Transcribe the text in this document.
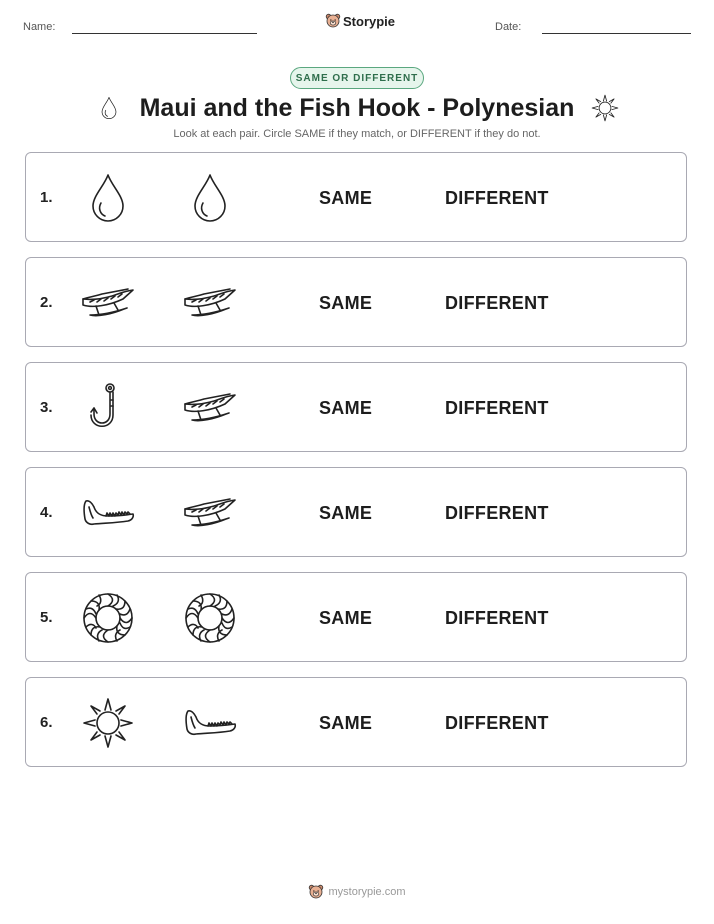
Name:	Storypie	Date:
SAME OR DIFFERENT
Maui and the Fish Hook - Polynesian
Look at each pair. Circle SAME if they match, or DIFFERENT if they do not.
1.	SAME	DIFFERENT
2.	SAME	DIFFERENT
3.	SAME	DIFFERENT
4.	SAME	DIFFERENT
5.	SAME	DIFFERENT
6.	SAME	DIFFERENT
mystorypie.com
